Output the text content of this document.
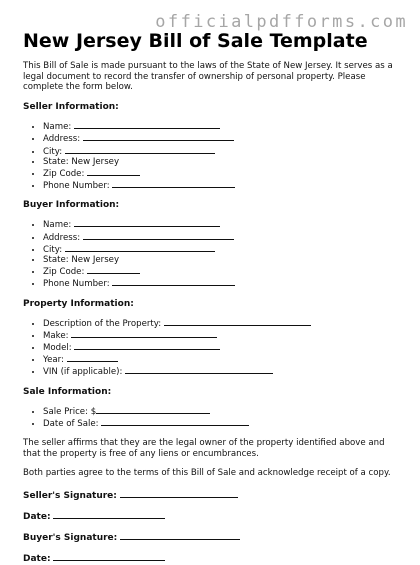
officialpdfforms.com
New Jersey Bill of Sale Template

This Bill of Sale is made pursuant to the laws of the State of New Jersey. It serves as a legal document to record the transfer of ownership of personal property. Please complete the form below.

Seller Information:

• Name:
• Address:
• City:
• State: New Jersey
• Zip Code:
• Phone Number:

Buyer Information:

• Name:
• Address:
• City:
• State: New Jersey
• Zip Code:
• Phone Number:

Property Information:

• Description of the Property:
• Make:
• Model:
• Year:
• VIN (if applicable):

Sale Information:

• Sale Price: $
• Date of Sale:

The seller affirms that they are the legal owner of the property identified above and that the property is free of any liens or encumbrances.

Both parties agree to the terms of this Bill of Sale and acknowledge receipt of a copy.

Seller's Signature:

Date:

Buyer's Signature:

Date:
